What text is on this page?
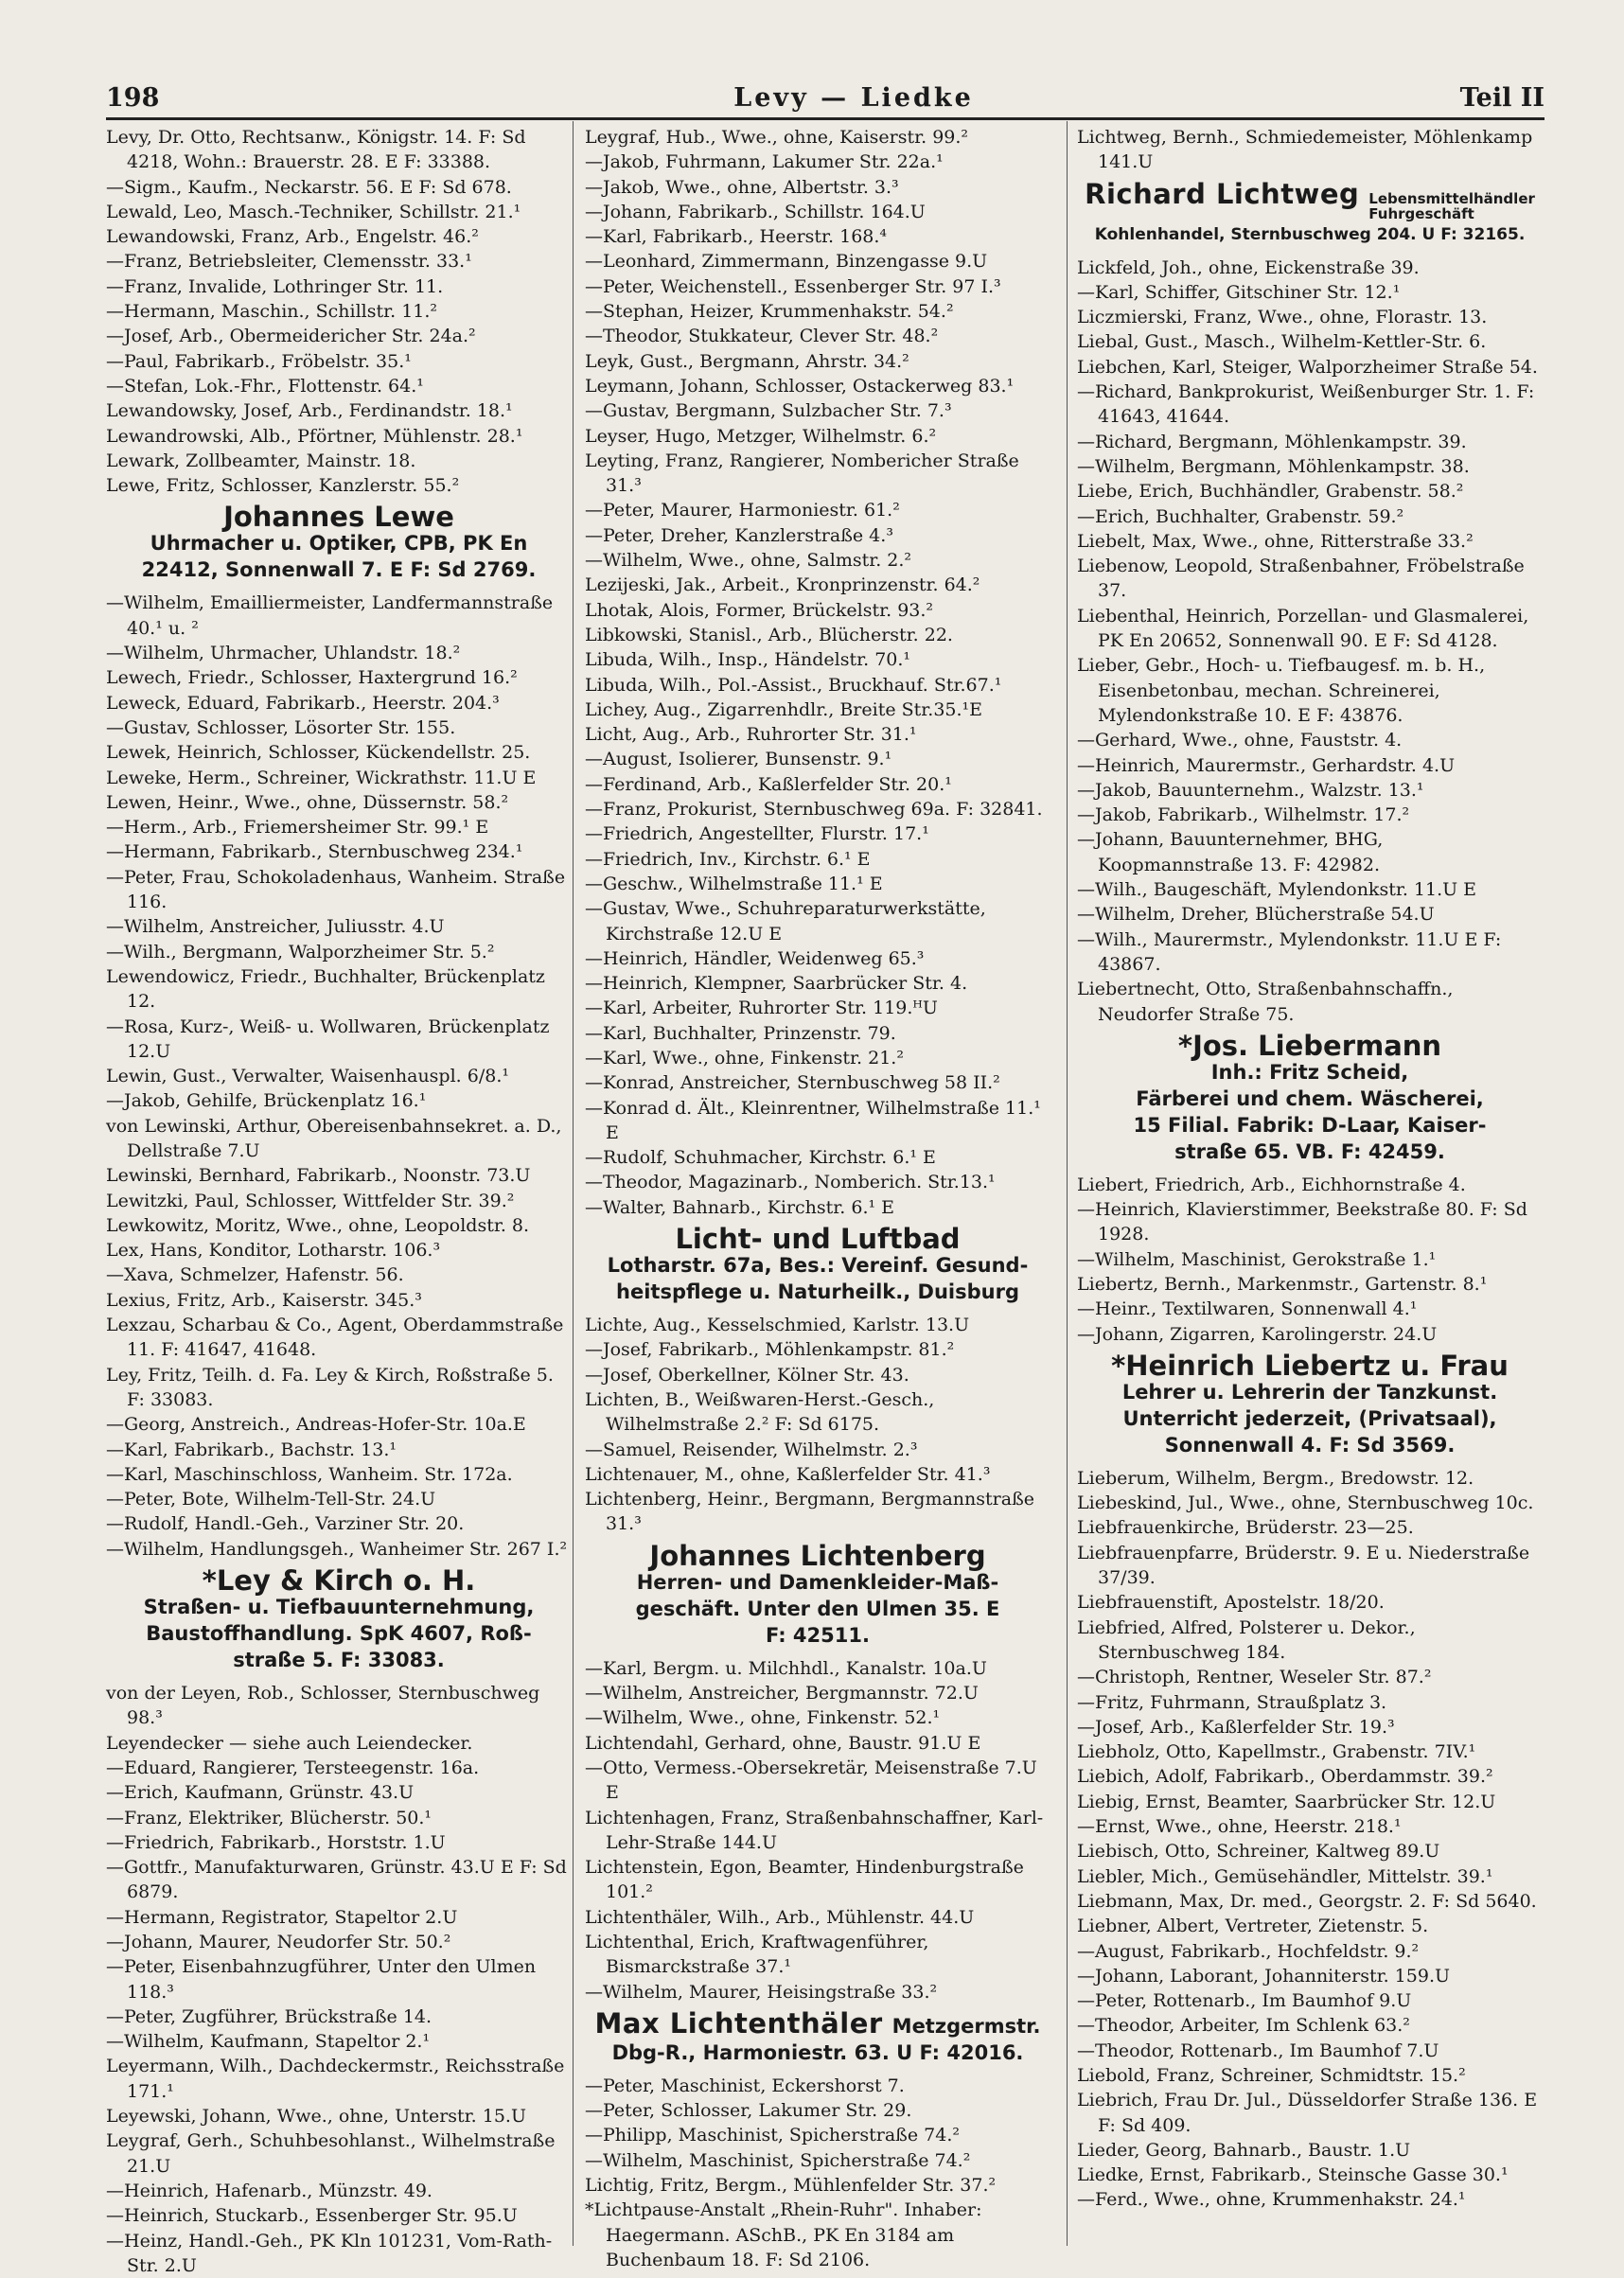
198	Levy — Liedke	Teil II

Levy, Dr. Otto, Rechtsanw., Königstr. 14. F: Sd 4218, Wohn.: Brauerstr. 28. E F: 33388.

—Sigm., Kaufm., Neckarstr. 56. E F: Sd 678.

Lewald, Leo, Masch.-Techniker, Schillstr. 21.¹

Lewandowski, Franz, Arb., Engelstr. 46.²

—Franz, Betriebsleiter, Clemensstr. 33.¹

—Franz, Invalide, Lothringer Str. 11.

—Hermann, Maschin., Schillstr. 11.²

—Josef, Arb., Obermeidericher Str. 24a.²

—Paul, Fabrikarb., Fröbelstr. 35.¹

—Stefan, Lok.-Fhr., Flottenstr. 64.¹

Lewandowsky, Josef, Arb., Ferdinandstr. 18.¹

Lewandrowski, Alb., Pförtner, Mühlenstr. 28.¹

Lewark, Zollbeamter, Mainstr. 18.

Lewe, Fritz, Schlosser, Kanzlerstr. 55.²

Johannes Lewe
Uhrmacher u. Optiker, CPB, PK En
22412, Sonnenwall 7. E F: Sd 2769.

—Wilhelm, Emailliermeister, Landfermannstraße 40.¹ u. ²

—Wilhelm, Uhrmacher, Uhlandstr. 18.²

Lewech, Friedr., Schlosser, Haxtergrund 16.²

Leweck, Eduard, Fabrikarb., Heerstr. 204.³

—Gustav, Schlosser, Lösorter Str. 155.

Lewek, Heinrich, Schlosser, Kückendellstr. 25.

Leweke, Herm., Schreiner, Wickrathstr. 11.U E

Lewen, Heinr., Wwe., ohne, Düssernstr. 58.²

—Herm., Arb., Friemersheimer Str. 99.¹ E

—Hermann, Fabrikarb., Sternbuschweg 234.¹

—Peter, Frau, Schokoladenhaus, Wanheim. Straße 116.

—Wilhelm, Anstreicher, Juliusstr. 4.U

—Wilh., Bergmann, Walporzheimer Str. 5.²

Lewendowicz, Friedr., Buchhalter, Brückenplatz 12.

—Rosa, Kurz-, Weiß- u. Wollwaren, Brückenplatz 12.U

Lewin, Gust., Verwalter, Waisenhauspl. 6/8.¹

—Jakob, Gehilfe, Brückenplatz 16.¹

von Lewinski, Arthur, Obereisenbahnsekret. a. D., Dellstraße 7.U

Lewinski, Bernhard, Fabrikarb., Noonstr. 73.U

Lewitzki, Paul, Schlosser, Wittfelder Str. 39.²

Lewkowitz, Moritz, Wwe., ohne, Leopoldstr. 8.

Lex, Hans, Konditor, Lotharstr. 106.³

—Xava, Schmelzer, Hafenstr. 56.

Lexius, Fritz, Arb., Kaiserstr. 345.³

Lexzau, Scharbau & Co., Agent, Oberdammstraße 11. F: 41647, 41648.

Ley, Fritz, Teilh. d. Fa. Ley & Kirch, Roßstraße 5. F: 33083.

—Georg, Anstreich., Andreas-Hofer-Str. 10a.E

—Karl, Fabrikarb., Bachstr. 13.¹

—Karl, Maschinschloss, Wanheim. Str. 172a.

—Peter, Bote, Wilhelm-Tell-Str. 24.U

—Rudolf, Handl.-Geh., Varziner Str. 20.

—Wilhelm, Handlungsgeh., Wanheimer Str. 267 I.²

*Ley & Kirch o. H.
Straßen- u. Tiefbauunternehmung,
Baustoffhandlung. SpK 4607, Roß-
straße 5. F: 33083.

von der Leyen, Rob., Schlosser, Sternbuschweg 98.³

Leyendecker — siehe auch Leiendecker.

—Eduard, Rangierer, Tersteegenstr. 16a.

—Erich, Kaufmann, Grünstr. 43.U

—Franz, Elektriker, Blücherstr. 50.¹

—Friedrich, Fabrikarb., Horststr. 1.U

—Gottfr., Manufakturwaren, Grünstr. 43.U E F: Sd 6879.

—Hermann, Registrator, Stapeltor 2.U

—Johann, Maurer, Neudorfer Str. 50.²

—Peter, Eisenbahnzugführer, Unter den Ulmen 118.³

—Peter, Zugführer, Brückstraße 14.

—Wilhelm, Kaufmann, Stapeltor 2.¹

Leyermann, Wilh., Dachdeckermstr., Reichsstraße 171.¹

Leyewski, Johann, Wwe., ohne, Unterstr. 15.U

Leygraf, Gerh., Schuhbesohlanst., Wilhelmstraße 21.U

—Heinrich, Hafenarb., Münzstr. 49.

—Heinrich, Stuckarb., Essenberger Str. 95.U

—Heinz, Handl.-Geh., PK Kln 101231, Vom-Rath-Str. 2.U

Leygraf, Hub., Wwe., ohne, Kaiserstr. 99.²

—Jakob, Fuhrmann, Lakumer Str. 22a.¹

—Jakob, Wwe., ohne, Albertstr. 3.³

—Johann, Fabrikarb., Schillstr. 164.U

—Karl, Fabrikarb., Heerstr. 168.⁴

—Leonhard, Zimmermann, Binzengasse 9.U

—Peter, Weichenstell., Essenberger Str. 97 I.³

—Stephan, Heizer, Krummenhakstr. 54.²

—Theodor, Stukkateur, Clever Str. 48.²

Leyk, Gust., Bergmann, Ahrstr. 34.²

Leymann, Johann, Schlosser, Ostackerweg 83.¹

—Gustav, Bergmann, Sulzbacher Str. 7.³

Leyser, Hugo, Metzger, Wilhelmstr. 6.²

Leyting, Franz, Rangierer, Nombericher Straße 31.³

—Peter, Maurer, Harmoniestr. 61.²

—Peter, Dreher, Kanzlerstraße 4.³

—Wilhelm, Wwe., ohne, Salmstr. 2.²

Lezijeski, Jak., Arbeit., Kronprinzenstr. 64.²

Lhotak, Alois, Former, Brückelstr. 93.²

Libkowski, Stanisl., Arb., Blücherstr. 22.

Libuda, Wilh., Insp., Händelstr. 70.¹

Libuda, Wilh., Pol.-Assist., Bruckhauf. Str.67.¹

Lichey, Aug., Zigarrenhdlr., Breite Str.35.¹E

Licht, Aug., Arb., Ruhrorter Str. 31.¹

—August, Isolierer, Bunsenstr. 9.¹

—Ferdinand, Arb., Kaßlerfelder Str. 20.¹

—Franz, Prokurist, Sternbuschweg 69a. F: 32841.

—Friedrich, Angestellter, Flurstr. 17.¹

—Friedrich, Inv., Kirchstr. 6.¹ E

—Geschw., Wilhelmstraße 11.¹ E

—Gustav, Wwe., Schuhreparaturwerkstätte, Kirchstraße 12.U E

—Heinrich, Händler, Weidenweg 65.³

—Heinrich, Klempner, Saarbrücker Str. 4.

—Karl, Arbeiter, Ruhrorter Str. 119.ᴴU

—Karl, Buchhalter, Prinzenstr. 79.

—Karl, Wwe., ohne, Finkenstr. 21.²

—Konrad, Anstreicher, Sternbuschweg 58 II.²

—Konrad d. Ält., Kleinrentner, Wilhelmstraße 11.¹ E

—Rudolf, Schuhmacher, Kirchstr. 6.¹ E

—Theodor, Magazinarb., Nomberich. Str.13.¹

—Walter, Bahnarb., Kirchstr. 6.¹ E

Licht- und Luftbad
Lotharstr. 67a, Bes.: Vereinf. Gesund-
heitspflege u. Naturheilk., Duisburg

Lichte, Aug., Kesselschmied, Karlstr. 13.U

—Josef, Fabrikarb., Möhlenkampstr. 81.²

—Josef, Oberkellner, Kölner Str. 43.

Lichten, B., Weißwaren-Herst.-Gesch., Wilhelmstraße 2.² F: Sd 6175.

—Samuel, Reisender, Wilhelmstr. 2.³

Lichtenauer, M., ohne, Kaßlerfelder Str. 41.³

Lichtenberg, Heinr., Bergmann, Bergmannstraße 31.³

Johannes Lichtenberg
Herren- und Damenkleider-Maß-
geschäft. Unter den Ulmen 35. E
F: 42511.

—Karl, Bergm. u. Milchhdl., Kanalstr. 10a.U

—Wilhelm, Anstreicher, Bergmannstr. 72.U

—Wilhelm, Wwe., ohne, Finkenstr. 52.¹

Lichtendahl, Gerhard, ohne, Baustr. 91.U E

—Otto, Vermess.-Obersekretär, Meisenstraße 7.U E

Lichtenhagen, Franz, Straßenbahnschaffner, Karl-Lehr-Straße 144.U

Lichtenstein, Egon, Beamter, Hindenburgstraße 101.²

Lichtenthäler, Wilh., Arb., Mühlenstr. 44.U

Lichtenthal, Erich, Kraftwagenführer, Bismarckstraße 37.¹

—Wilhelm, Maurer, Heisingstraße 33.²

Max Lichtenthäler Metzgermstr.
Dbg-R., Harmoniestr. 63. U F: 42016.

—Peter, Maschinist, Eckershorst 7.

—Peter, Schlosser, Lakumer Str. 29.

—Philipp, Maschinist, Spicherstraße 74.²

—Wilhelm, Maschinist, Spicherstraße 74.²

Lichtig, Fritz, Bergm., Mühlenfelder Str. 37.²

*Lichtpause-Anstalt „Rhein-Ruhr". Inhaber: Haegermann. ASchB., PK En 3184 am Buchenbaum 18. F: Sd 2106.

Lichtweg, Bernh., Schmiedemeister, Möhlenkamp 141.U

Richard Lichtweg Lebensmittelhändler
Fuhrgeschäft
Kohlenhandel, Sternbuschweg 204. U F: 32165.

Lickfeld, Joh., ohne, Eickenstraße 39.

—Karl, Schiffer, Gitschiner Str. 12.¹

Liczmierski, Franz, Wwe., ohne, Florastr. 13.

Liebal, Gust., Masch., Wilhelm-Kettler-Str. 6.

Liebchen, Karl, Steiger, Walporzheimer Straße 54.

—Richard, Bankprokurist, Weißenburger Str. 1. F: 41643, 41644.

—Richard, Bergmann, Möhlenkampstr. 39.

—Wilhelm, Bergmann, Möhlenkampstr. 38.

Liebe, Erich, Buchhändler, Grabenstr. 58.²

—Erich, Buchhalter, Grabenstr. 59.²

Liebelt, Max, Wwe., ohne, Ritterstraße 33.²

Liebenow, Leopold, Straßenbahner, Fröbelstraße 37.

Liebenthal, Heinrich, Porzellan- und Glasmalerei, PK En 20652, Sonnenwall 90. E F: Sd 4128.

Lieber, Gebr., Hoch- u. Tiefbaugesf. m. b. H., Eisenbetonbau, mechan. Schreinerei, Mylendonkstraße 10. E F: 43876.

—Gerhard, Wwe., ohne, Fauststr. 4.

—Heinrich, Maurermstr., Gerhardstr. 4.U

—Jakob, Bauunternehm., Walzstr. 13.¹

—Jakob, Fabrikarb., Wilhelmstr. 17.²

—Johann, Bauunternehmer, BHG, Koopmannstraße 13. F: 42982.

—Wilh., Baugeschäft, Mylendonkstr. 11.U E

—Wilhelm, Dreher, Blücherstraße 54.U

—Wilh., Maurermstr., Mylendonkstr. 11.U E F: 43867.

Liebertnecht, Otto, Straßenbahnschaffn., Neudorfer Straße 75.

*Jos. Liebermann
Inh.: Fritz Scheid,
Färberei und chem. Wäscherei,
15 Filial. Fabrik: D-Laar, Kaiser-
straße 65. VB. F: 42459.

Liebert, Friedrich, Arb., Eichhornstraße 4.

—Heinrich, Klavierstimmer, Beekstraße 80. F: Sd 1928.

—Wilhelm, Maschinist, Gerokstraße 1.¹

Liebertz, Bernh., Markenmstr., Gartenstr. 8.¹

—Heinr., Textilwaren, Sonnenwall 4.¹

—Johann, Zigarren, Karolingerstr. 24.U

*Heinrich Liebertz u. Frau
Lehrer u. Lehrerin der Tanzkunst.
Unterricht jederzeit, (Privatsaal),
Sonnenwall 4. F: Sd 3569.

Lieberum, Wilhelm, Bergm., Bredowstr. 12.

Liebeskind, Jul., Wwe., ohne, Sternbuschweg 10c.

Liebfrauenkirche, Brüderstr. 23—25.

Liebfrauenpfarre, Brüderstr. 9. E u. Niederstraße 37/39.

Liebfrauenstift, Apostelstr. 18/20.

Liebfried, Alfred, Polsterer u. Dekor., Sternbuschweg 184.

—Christoph, Rentner, Weseler Str. 87.²

—Fritz, Fuhrmann, Straußplatz 3.

—Josef, Arb., Kaßlerfelder Str. 19.³

Liebholz, Otto, Kapellmstr., Grabenstr. 7IV.¹

Liebich, Adolf, Fabrikarb., Oberdammstr. 39.²

Liebig, Ernst, Beamter, Saarbrücker Str. 12.U

—Ernst, Wwe., ohne, Heerstr. 218.¹

Liebisch, Otto, Schreiner, Kaltweg 89.U

Liebler, Mich., Gemüsehändler, Mittelstr. 39.¹

Liebmann, Max, Dr. med., Georgstr. 2. F: Sd 5640.

Liebner, Albert, Vertreter, Zietenstr. 5.

—August, Fabrikarb., Hochfeldstr. 9.²

—Johann, Laborant, Johanniterstr. 159.U

—Peter, Rottenarb., Im Baumhof 9.U

—Theodor, Arbeiter, Im Schlenk 63.²

—Theodor, Rottenarb., Im Baumhof 7.U

Liebold, Franz, Schreiner, Schmidtstr. 15.²

Liebrich, Frau Dr. Jul., Düsseldorfer Straße 136. E F: Sd 409.

Lieder, Georg, Bahnarb., Baustr. 1.U

Liedke, Ernst, Fabrikarb., Steinsche Gasse 30.¹

—Ferd., Wwe., ohne, Krummenhakstr. 24.¹
